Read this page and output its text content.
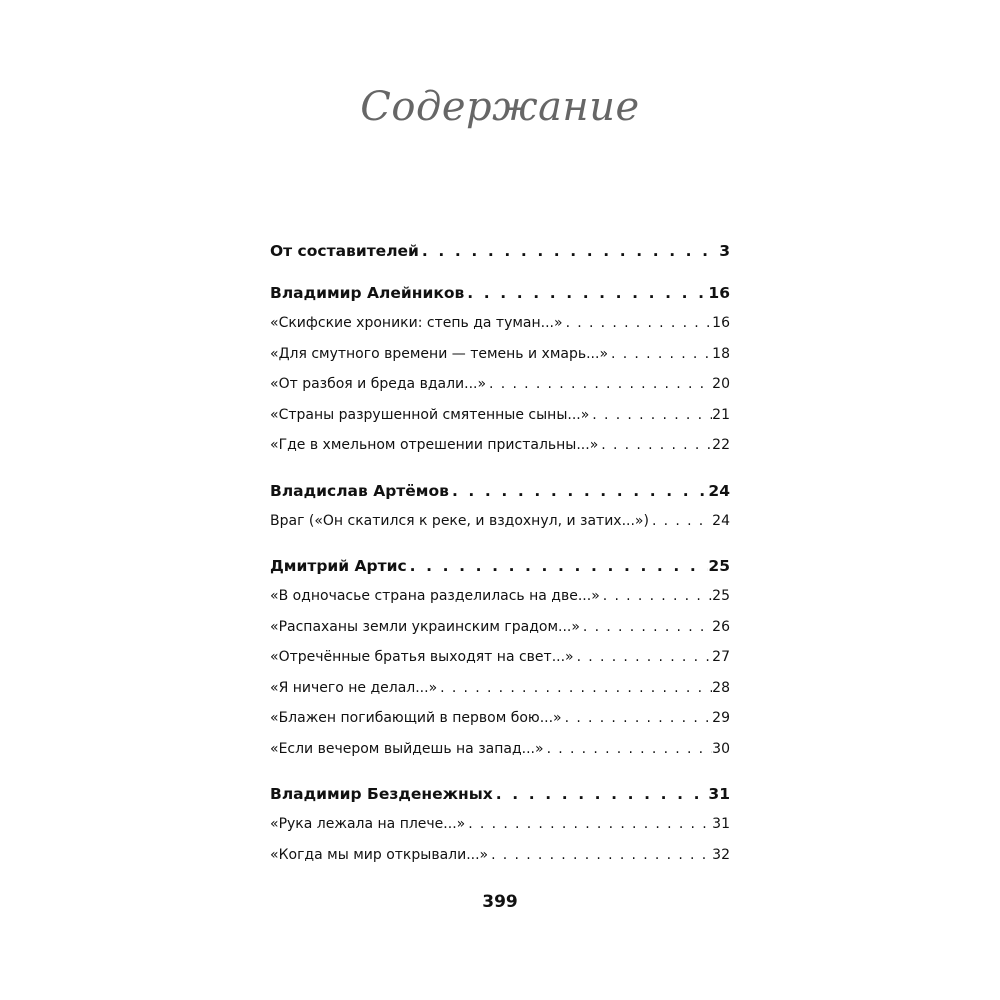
Содержание
От составителей . . .	3
Владимир Алейников . . .	16
«Скифские хроники: степь да туман...» . . .	16
«Для смутного времени — темень и хмарь...» . . .	18
«От разбоя и бреда вдали...» . . .	20
«Страны разрушенной смятенные сыны...» . . .	21
«Где в хмельном отрешении пристальны...» . . .	22
Владислав Артёмов . . .	24
Враг («Он скатился к реке, и вздохнул, и затих...») . . .	24
Дмитрий Артис . . .	25
«В одночасье страна разделилась на две...» . . .	25
«Распаханы земли украинским градом...» . . .	26
«Отречённые братья выходят на свет...» . . .	27
«Я ничего не делал...» . . .	28
«Блажен погибающий в первом бою...» . . .	29
«Если вечером выйдешь на запад...» . . .	30
Владимир Безденежных . . .	31
«Рука лежала на плече...» . . .	31
«Когда мы мир открывали...» . . .	32
399
